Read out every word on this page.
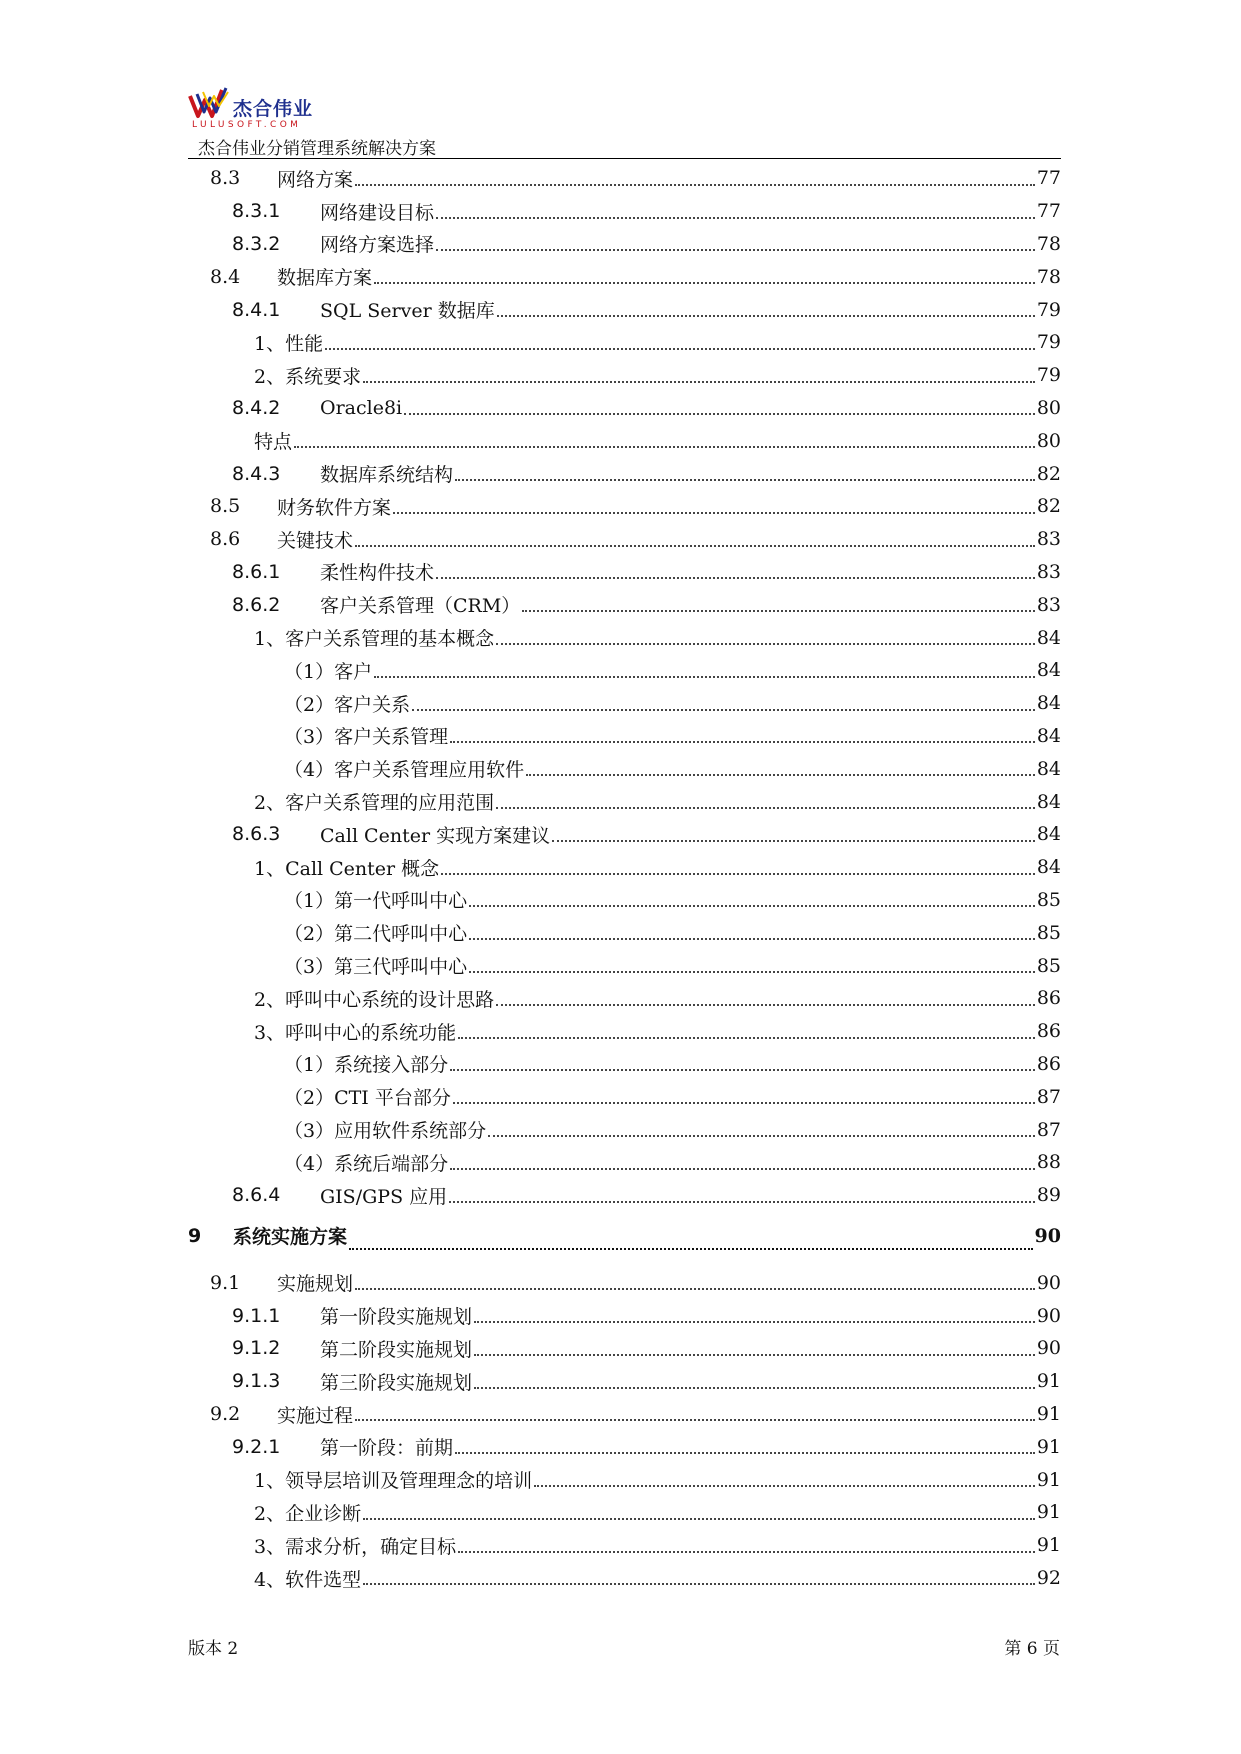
杰合伟业
LULUSOFT.COM
杰合伟业分销管理系统解决方案
8.3	网络方案	77
8.3.1	网络建设目标	77
8.3.2	网络方案选择	78
8.4	数据库方案	78
8.4.1	SQL Server 数据库	79
1、性能	79
2、系统要求	79
8.4.2	Oracle8i	80
特点	80
8.4.3	数据库系统结构	82
8.5	财务软件方案	82
8.6	关键技术	83
8.6.1	柔性构件技术	83
8.6.2	客户关系管理（CRM）	83
1、客户关系管理的基本概念	84
（1）客户	84
（2）客户关系	84
（3）客户关系管理	84
（4）客户关系管理应用软件	84
2、客户关系管理的应用范围	84
8.6.3	Call Center 实现方案建议	84
1、Call Center 概念	84
（1）第一代呼叫中心	85
（2）第二代呼叫中心	85
（3）第三代呼叫中心	85
2、呼叫中心系统的设计思路	86
3、呼叫中心的系统功能	86
（1）系统接入部分	86
（2）CTI 平台部分	87
（3）应用软件系统部分	87
（4）系统后端部分	88
8.6.4	GIS/GPS 应用	89
9	系统实施方案	90
9.1	实施规划	90
9.1.1	第一阶段实施规划	90
9.1.2	第二阶段实施规划	90
9.1.3	第三阶段实施规划	91
9.2	实施过程	91
9.2.1	第一阶段：前期	91
1、领导层培训及管理理念的培训	91
2、企业诊断	91
3、需求分析，确定目标	91
4、软件选型	92
版本 2	第 6 页
